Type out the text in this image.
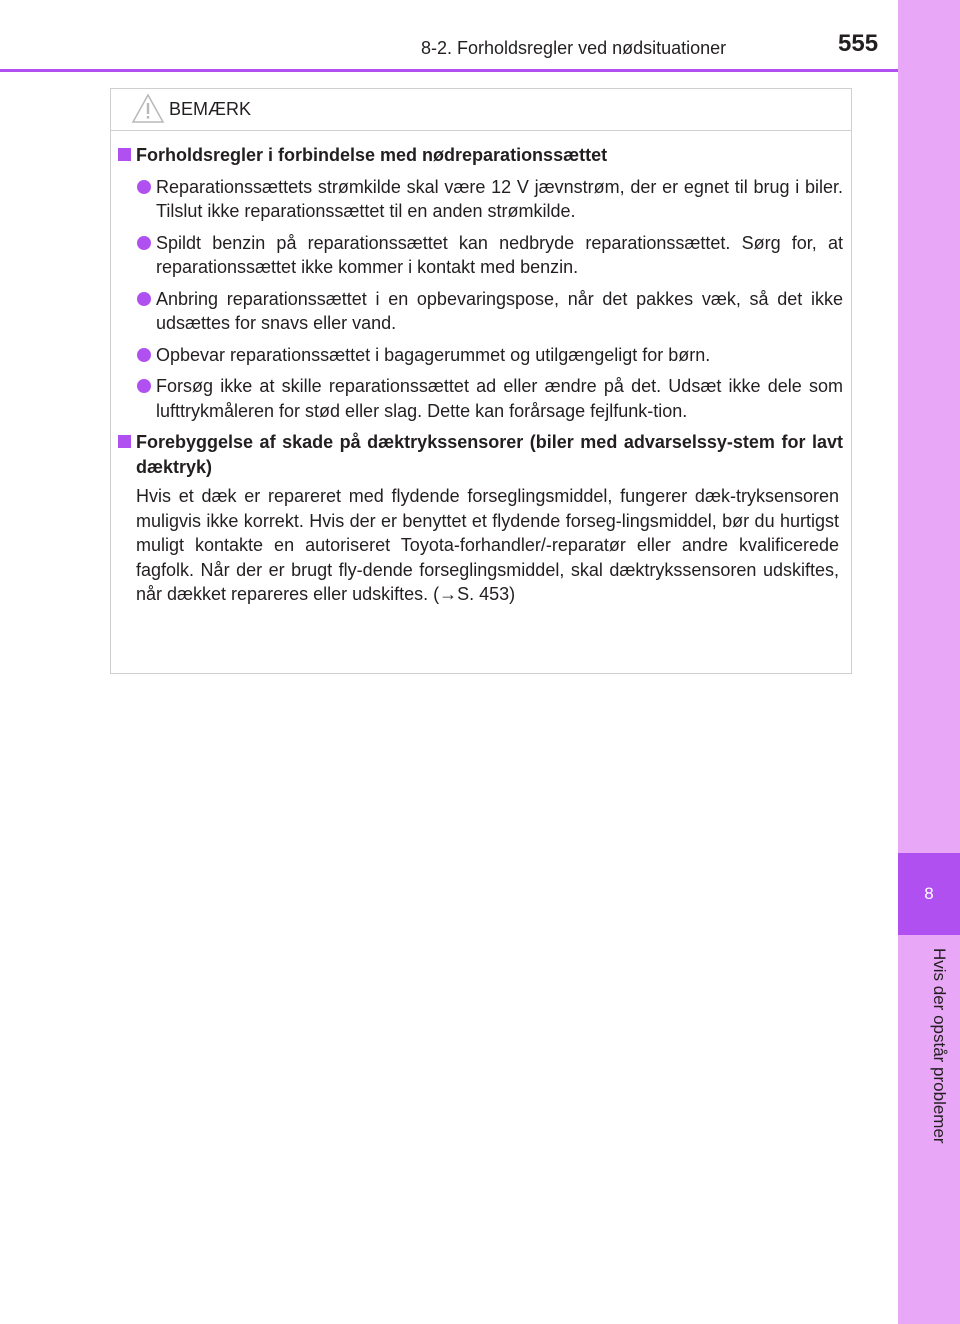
8
Hvis der opstår problemer
8-2. Forholdsregler ved nødsituationer	555
BEMÆRK
Forholdsregler i forbindelse med nødreparationssættet
Reparationssættets strømkilde skal være 12 V jævnstrøm, der er egnet til brug i biler. Tilslut ikke reparationssættet til en anden strømkilde.
Spildt benzin på reparationssættet kan nedbryde reparationssættet. Sørg for, at reparationssættet ikke kommer i kontakt med benzin.
Anbring reparationssættet i en opbevaringspose, når det pakkes væk, så det ikke udsættes for snavs eller vand.
Opbevar reparationssættet i bagagerummet og utilgængeligt for børn.
Forsøg ikke at skille reparationssættet ad eller ændre på det. Udsæt ikke dele som lufttrykmåleren for stød eller slag. Dette kan forårsage fejlfunk-tion.
Forebyggelse af skade på dæktrykssensorer (biler med advarselssy-stem for lavt dæktryk)
Hvis et dæk er repareret med flydende forseglingsmiddel, fungerer dæk-tryksensoren muligvis ikke korrekt. Hvis der er benyttet et flydende forseg-lingsmiddel, bør du hurtigst muligt kontakte en autoriseret Toyota-forhandler/-reparatør eller andre kvalificerede fagfolk. Når der er brugt fly-dende forseglingsmiddel, skal dæktrykssensoren udskiftes, når dækket repareres eller udskiftes. (→S. 453)
